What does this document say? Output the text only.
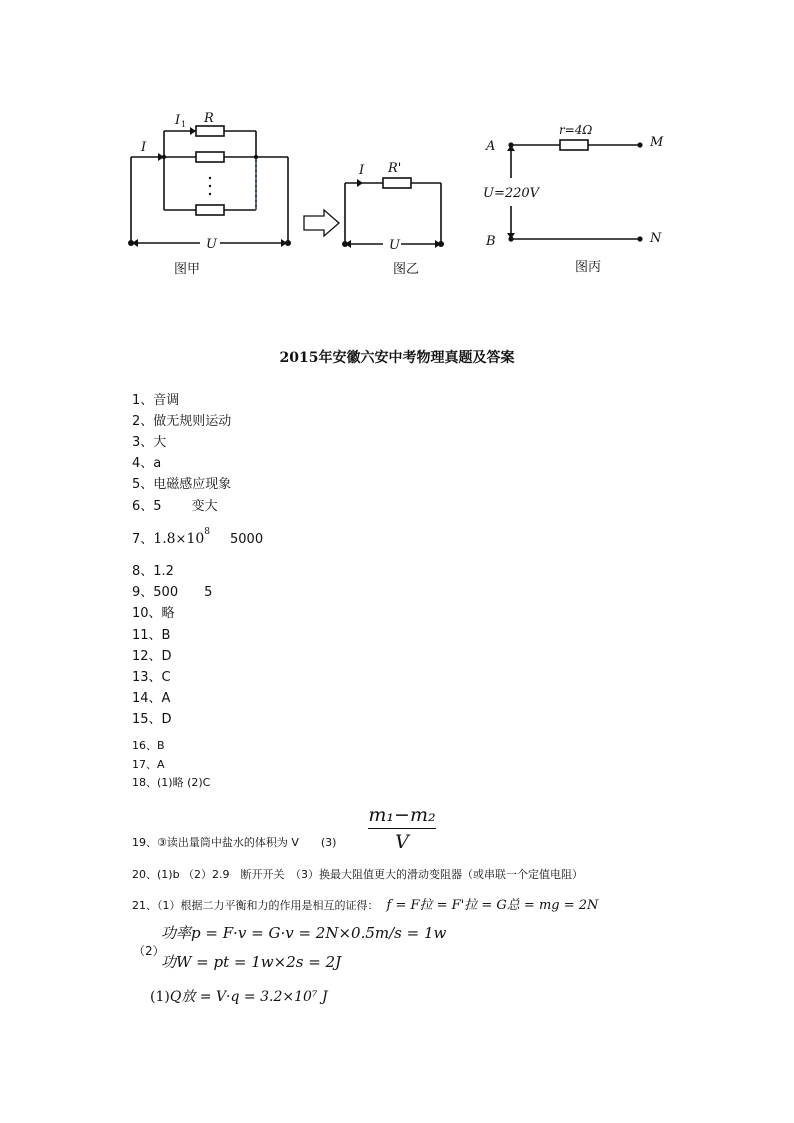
I
I 1 R
U
图甲
I R'
U
图乙
A
B
M
N
r=4Ω
U=220V
图丙
2015年安徽六安中考物理真题及答案
1、音调
2、做无规则运动
3、大
4、a
5、电磁感应现象
6、5 变大
7、$1.8\times 10^8$ 5000
8、1.2
9、500 5
10、略
11、B
12、D
13、C
14、A
15、D
16、B
17、A
18、(1)略 (2)C
19、③读出量筒中盐水的体积为 V (3)
m₁−m₂
V
20、(1)b （2）2.9　断开开关　（3）换最大阻值更大的滑动变阻器（或串联一个定值电阻）
21、（1）根据二力平衡和力的作用是相互的证得： f = F拉 = F'拉 = G总 = mg = 2N
（2）
功率p = F·v = G·v = 2N×0.5m/s = 1w
功W = pt = 1w×2s = 2J
(1)Q放 = V·q = 3.2×10⁷ J
